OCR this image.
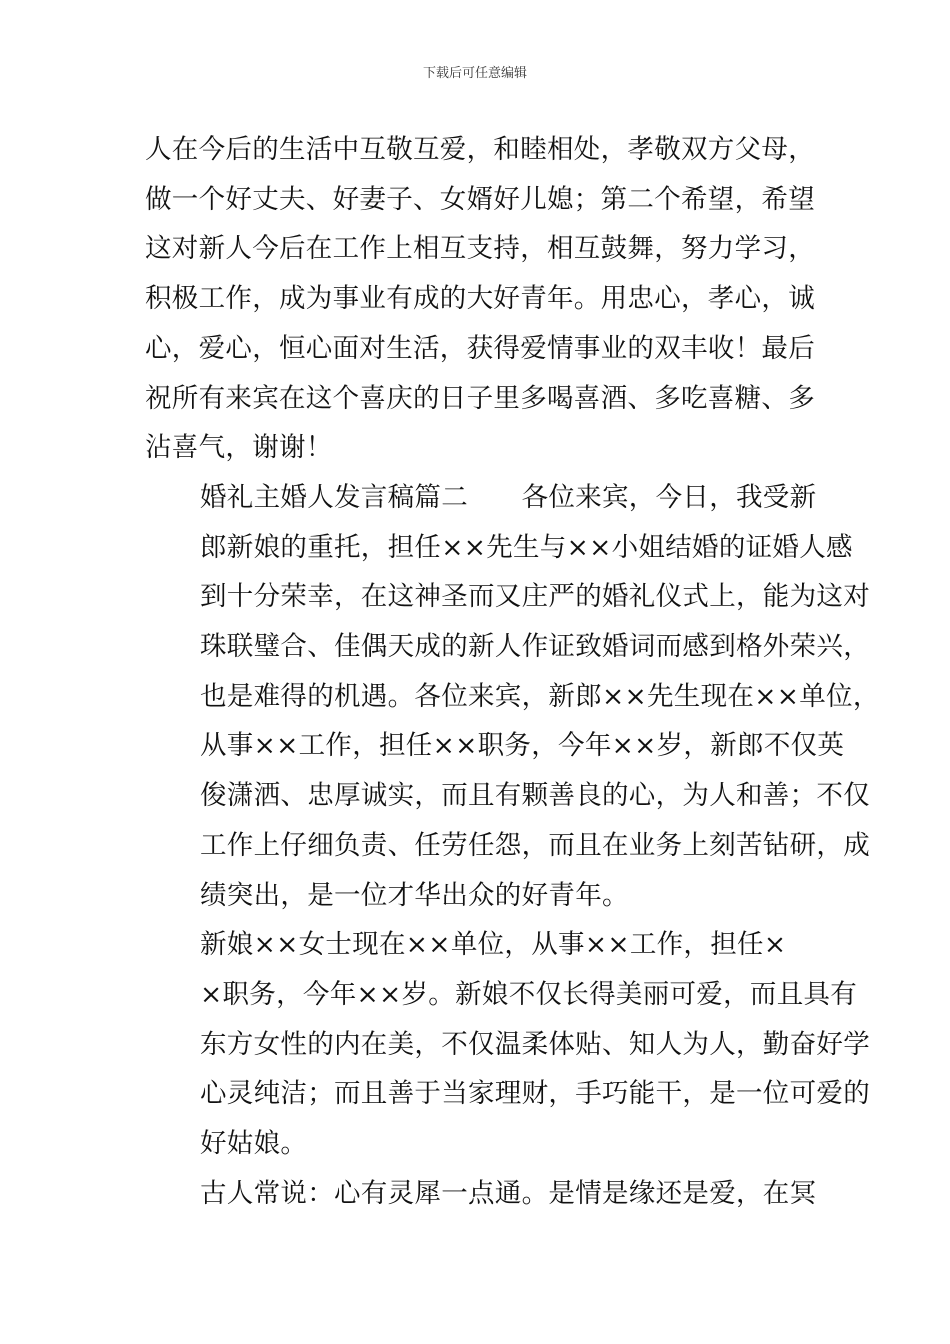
下载后可任意编辑

人在今后的生活中互敬互爱，和睦相处，孝敬双方父母，
做一个好丈夫、好妻子、女婿好儿媳；第二个希望，希望
这对新人今后在工作上相互支持，相互鼓舞，努力学习，
积极工作，成为事业有成的大好青年。用忠心，孝心，诚
心，爱心，恒心面对生活，获得爱情事业的双丰收！最后
祝所有来宾在这个喜庆的日子里多喝喜酒、多吃喜糖、多
沾喜气，谢谢！

婚礼主婚人发言稿篇二　　各位来宾，今日，我受新
郎新娘的重托，担任××先生与××小姐结婚的证婚人感
到十分荣幸，在这神圣而又庄严的婚礼仪式上，能为这对
珠联璧合、佳偶天成的新人作证致婚词而感到格外荣兴，
也是难得的机遇。各位来宾，新郎××先生现在××单位，
从事××工作，担任××职务，今年××岁，新郎不仅英
俊潇洒、忠厚诚实，而且有颗善良的心，为人和善；不仅
工作上仔细负责、任劳任怨，而且在业务上刻苦钻研，成
绩突出，是一位才华出众的好青年。

新娘××女士现在××单位，从事××工作，担任×
×职务，今年××岁。新娘不仅长得美丽可爱，而且具有
东方女性的内在美，不仅温柔体贴、知人为人，勤奋好学
心灵纯洁；而且善于当家理财，手巧能干，是一位可爱的
好姑娘。

古人常说：心有灵犀一点通。是情是缘还是爱，在冥
